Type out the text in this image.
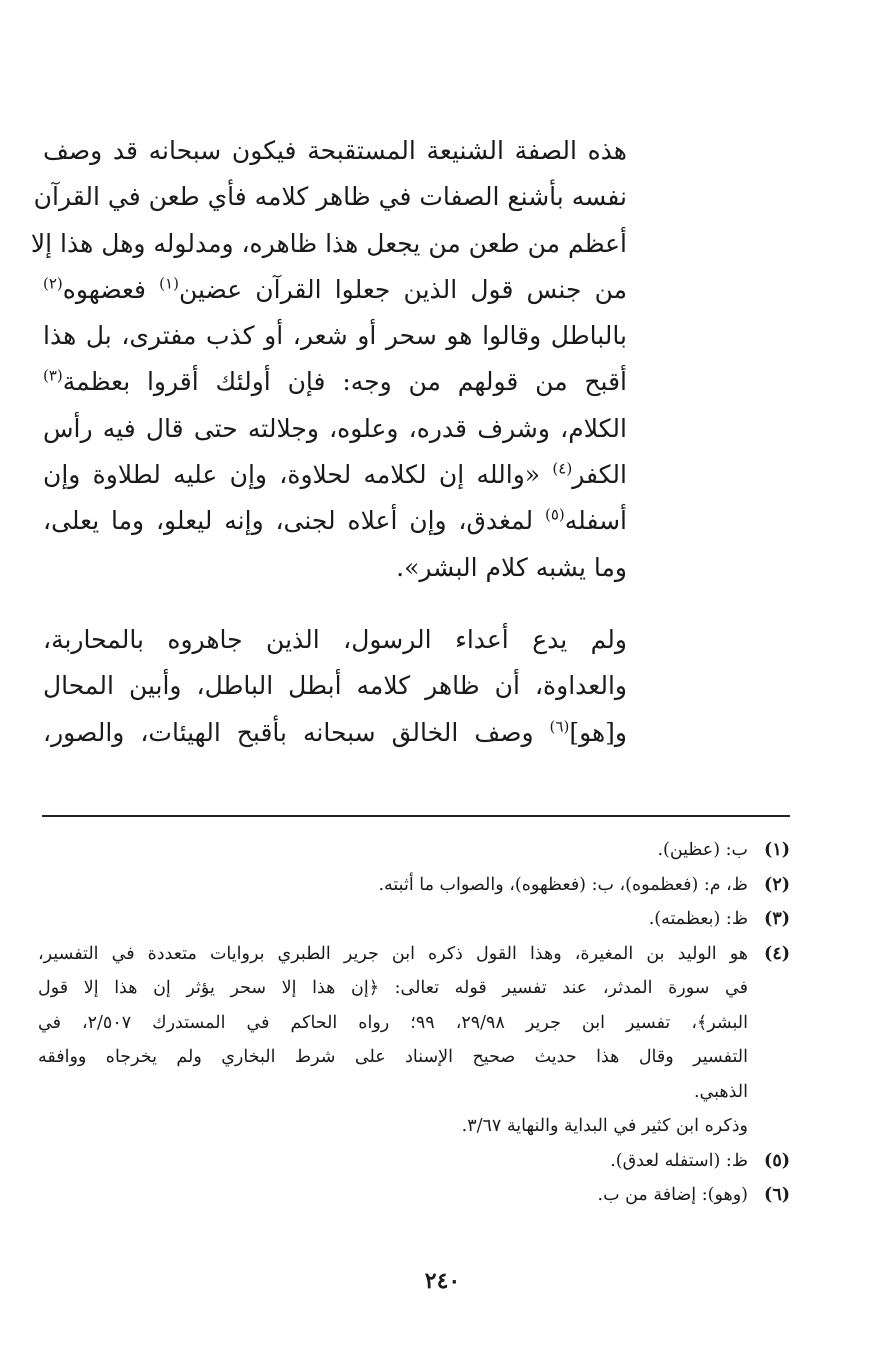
هذه الصفة الشنيعة المستقبحة فيكون سبحانه قد وصف
نفسه بأشنع الصفات في ظاهر كلامه فأي طعن في القرآن
أعظم من طعن من يجعل هذا ظاهره، ومدلوله وهل هذا إلا
من جنس قول الذين جعلوا القرآن عضين$^{(١)}$ فعضهوه$^{(٢)}$
بالباطل وقالوا هو سحر أو شعر، أو كذب مفترى، بل هذا
أقبح من قولهم من وجه: فإن أولئك أقروا بعظمة$^{(٣)}$
الكلام، وشرف قدره، وعلوه، وجلالته حتى قال فيه رأس
الكفر$^{(٤)}$ «والله إن لكلامه لحلاوة، وإن عليه لطلاوة وإن
أسفله$^{(٥)}$ لمغدق، وإن أعلاه لجنى، وإنه ليعلو، وما يعلى،
وما يشبه كلام البشر».
ولم يدع أعداء الرسول، الذين جاهروه بالمحاربة،
والعداوة، أن ظاهر كلامه أبطل الباطل، وأبين المحال
و[هو]$^{(٦)}$ وصف الخالق سبحانه بأقبح الهيئات، والصور،
(١)
ب: (عظين).
(٢)
ظ، م: (فعظموه)، ب: (فعظهوه)، والصواب ما أثبته.
(٣)
ظ: (بعظمته).
(٤)
هو الوليد بن المغيرة، وهذا القول ذكره ابن جرير الطبري بروايات متعددة في التفسير،
في سورة المدثر، عند تفسير قوله تعالى: ﴿إن هذا إلا سحر يؤثر إن هذا إلا قول
البشر﴾، تفسير ابن جرير ٢٩/٩٨، ٩٩؛ رواه الحاكم في المستدرك ٢/٥٠٧، في
التفسير وقال هذا حديث صحيح الإسناد على شرط البخاري ولم يخرجاه ووافقه
الذهبي.
وذكره ابن كثير في البداية والنهاية ٣/٦٧.
(٥)
ظ: (استفله لعدق).
(٦)
(وهو): إضافة من ب.
٢٤٠
